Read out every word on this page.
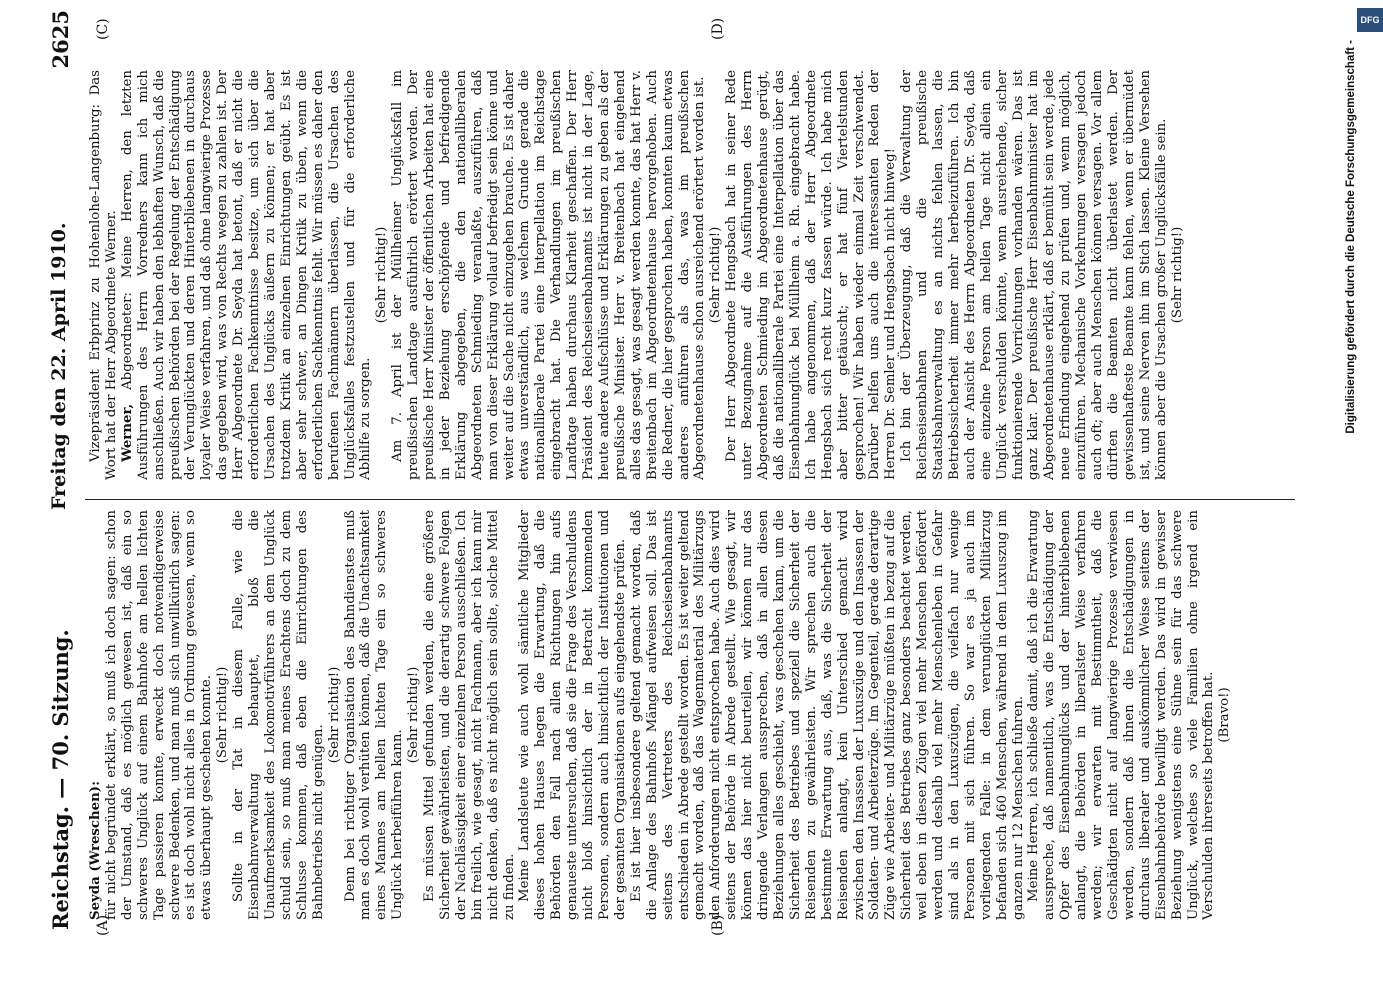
Reichstag. — 70. Sitzung.
Freitag den 22. April 1910.
2625
(A)	(B)
(C)	(D)

Seyda (Wreschen): für nicht begründet erklärt, so muß ich doch sagen: schon der Umstand, daß es möglich gewesen ist, daß ein so schweres Unglück auf einem Bahnhofe am hellen lichten Tage passieren konnte, erweckt doch notwendigerweise schwere Bedenken, und man muß sich unwillkürlich sagen: es ist doch wohl nicht alles in Ordnung gewesen, wenn so etwas überhaupt geschehen konnte. (Sehr richtig!) Sollte in der Tat in diesem Falle, wie die Eisenbahnverwaltung behauptet, bloß die Unaufmerksamkeit des Lokomotivführers an dem Unglück schuld sein, so muß man meines Erachtens doch zu dem Schlusse kommen, daß eben die Einrichtungen des Bahnbetriebs nicht genügen.

(Sehr richtig!) Denn bei richtiger Organisation des Bahndienstes muß man es doch wohl verhüten können, daß die Unachtsamkeit eines Mannes am hellen lichten Tage ein so schweres Unglück herbeiführen kann.

(Sehr richtig!) Es müssen Mittel gefunden werden, die eine größere Sicherheit gewährleisten, und die derartig schwere Folgen der Nachlässigkeit einer einzelnen Person ausschließen. Ich bin freilich, wie gesagt, nicht Fachmann, aber ich kann mir nicht denken, daß es nicht möglich sein sollte, solche Mittel zu finden. Meine Landsleute wie auch wohl sämtliche Mitglieder dieses hohen Hauses hegen die Erwartung, daß die Behörden den Fall nach allen Richtungen hin aufs genaueste untersuchen, daß sie die Frage des Verschuldens nicht bloß hinsichtlich der in Betracht kommenden Personen, sondern auch hinsichtlich der Institutionen und der gesamten Organisationen aufs eingehendste prüfen. Es ist hier insbesondere geltend gemacht worden, daß die Anlage des Bahnhofs Mängel aufweisen soll. Das ist seitens des Vertreters des Reichseisenbahnamts entschieden in Abrede gestellt worden. Es ist weiter geltend gemacht worden, daß das Wagenmaterial des Militärzugs den Anforderungen nicht entsprochen habe. Auch dies wird seitens der Behörde in Abrede gestellt. Wie gesagt, wir können das hier nicht beurteilen, wir können nur das dringende Verlangen aussprechen, daß in allen diesen Beziehungen alles geschieht, was geschehen kann, um die Sicherheit des Betriebes und speziell die Sicherheit der Reisenden zu gewährleisten. Wir sprechen auch die bestimmte Erwartung aus, daß, was die Sicherheit der Reisenden anlangt, kein Unterschied gemacht wird zwischen den Insassen der Luxuszüge und den Insassen der Soldaten- und Arbeiterzüge. Im Gegenteil, gerade derartige Züge wie Arbeiter- und Militärzüge müßten in bezug auf die Sicherheit des Betriebes ganz besonders beachtet werden, weil eben in diesen Zügen viel mehr Menschen befördert werden und deshalb viel mehr Menschenleben in Gefahr sind als in den Luxuszügen, die vielfach nur wenige Personen mit sich führen. So war es ja auch im vorliegenden Falle: in dem verunglückten Militärzug befanden sich 460 Menschen, während in dem Luxuszug im ganzen nur 12 Menschen fuhren. Meine Herren, ich schließe damit, daß ich die Erwartung ausspreche, daß namentlich, was die Entschädigung der Opfer des Eisenbahnunglücks und der hinterbliebenen anlangt, die Behörden in liberalster Weise verfahren werden; wir erwarten mit Bestimmtheit, daß die Geschädigten nicht auf langwierige Prozesse verwiesen werden, sondern daß ihnen die Entschädigungen in durchaus liberaler und auskömmlicher Weise seitens der Eisenbahnbehörde bewilligt werden. Das wird in gewisser Beziehung wenigstens eine Sühne sein für das schwere Unglück, welches so viele Familien ohne irgend ein Verschulden ihrerseits betroffen hat. (Bravo!)

Vizepräsident Erbprinz zu Hohenlohe-Langenburg: Das Wort hat der Herr Abgeordnete Werner. Werner, Abgeordneter: Meine Herren, den letzten Ausführungen des Herrn Vorredners kann ich mich anschließen. Auch wir haben den lebhaften Wunsch, daß die preußischen Behörden bei der Regelung der Entschädigung der Verunglückten und deren Hinterbliebenen in durchaus loyaler Weise verfahren, und daß ohne langwierige Prozesse das gegeben wird, was von Rechts wegen zu zahlen ist. Der Herr Abgeordnete Dr. Seyda hat betont, daß er nicht die erforderlichen Fachkenntnisse besitze, um sich über die Ursachen des Unglücks äußern zu können; er hat aber trotzdem Kritik an einzelnen Einrichtungen geübt. Es ist aber sehr schwer, an Dingen Kritik zu üben, wenn die erforderlichen Sachkenntnis fehlt. Wir müssen es daher den berufenen Fachmännern überlassen, die Ursachen des Unglücksfalles festzustellen und für die erforderliche Abhilfe zu sorgen.

(Sehr richtig!) Am 7. April ist der Müllheimer Unglücksfall im preußischen Landtage ausführlich erörtert worden. Der preußische Herr Minister der öffentlichen Arbeiten hat eine in jeder Beziehung erschöpfende und befriedigende Erklärung abgegeben, die den nationalliberalen Abgeordneten Schmieding veranlaßte, auszuführen, daß man von dieser Erklärung vollauf befriedigt sein könne und weiter auf die Sache nicht einzugehen brauche. Es ist daher etwas unverständlich, aus welchem Grunde gerade die nationalliberale Partei eine Interpellation im Reichstage eingebracht hat. Die Verhandlungen im preußischen Landtage haben durchaus Klarheit geschaffen. Der Herr Präsident des Reichseisenbahnamts ist nicht in der Lage, heute andere Aufschlüsse und Erklärungen zu geben als der preußische Minister. Herr v. Breitenbach hat eingehend alles das gesagt, was gesagt werden konnte, das hat Herr v. Breitenbach im Abgeordnetenhause hervorgehoben. Auch die Redner, die hier gesprochen haben, konnten kaum etwas anderes anführen als das, was im preußischen Abgeordnetenhause schon ausreichend erörtert worden ist. (Sehr richtig!) Der Herr Abgeordnete Hengsbach hat in seiner Rede unter Bezugnahme auf die Ausführungen des Herrn Abgeordneten Schmieding im Abgeordnetenhause gerügt, daß die nationalliberale Partei eine Interpellation über das Eisenbahnunglück bei Müllheim a. Rh. eingebracht habe. Ich habe angenommen, daß der Herr Abgeordnete Hengsbach sich recht kurz fassen würde. Ich habe mich aber bitter getäuscht; er hat fünf Viertelstunden gesprochen! Wir haben wieder einmal Zeit verschwendet. Darüber helfen uns auch die interessanten Reden der Herren Dr. Semler und Hengsbach nicht hinweg! Ich bin der Überzeugung, daß die Verwaltung der Reichseisenbahnen und die preußische Staatsbahnverwaltung es an nichts fehlen lassen, die Betriebssicherheit immer mehr herbeizuführen. Ich bin auch der Ansicht des Herrn Abgeordneten Dr. Seyda, daß eine einzelne Person am hellen Tage nicht allein ein Unglück verschulden könnte, wenn ausreichende, sicher funktionierende Vorrichtungen vorhanden wären. Das ist ganz klar. Der preußische Herr Eisenbahnminister hat im Abgeordnetenhause erklärt, daß er bemüht sein werde, jede neue Erfindung eingehend zu prüfen und, wenn möglich, einzuführen. Mechanische Vorkehrungen versagen jedoch auch oft; aber auch Menschen können versagen. Vor allem dürften die Beamten nicht überlastet werden. Der gewissenhafteste Beamte kann fehlen, wenn er übermüdet ist, und seine Nerven ihn im Stich lassen. Kleine Versehen können aber die Ursachen großer Unglücksfälle sein. (Sehr richtig!)

DFG
Digitalisierung gefördert durch die Deutsche Forschungsgemeinschaft -
